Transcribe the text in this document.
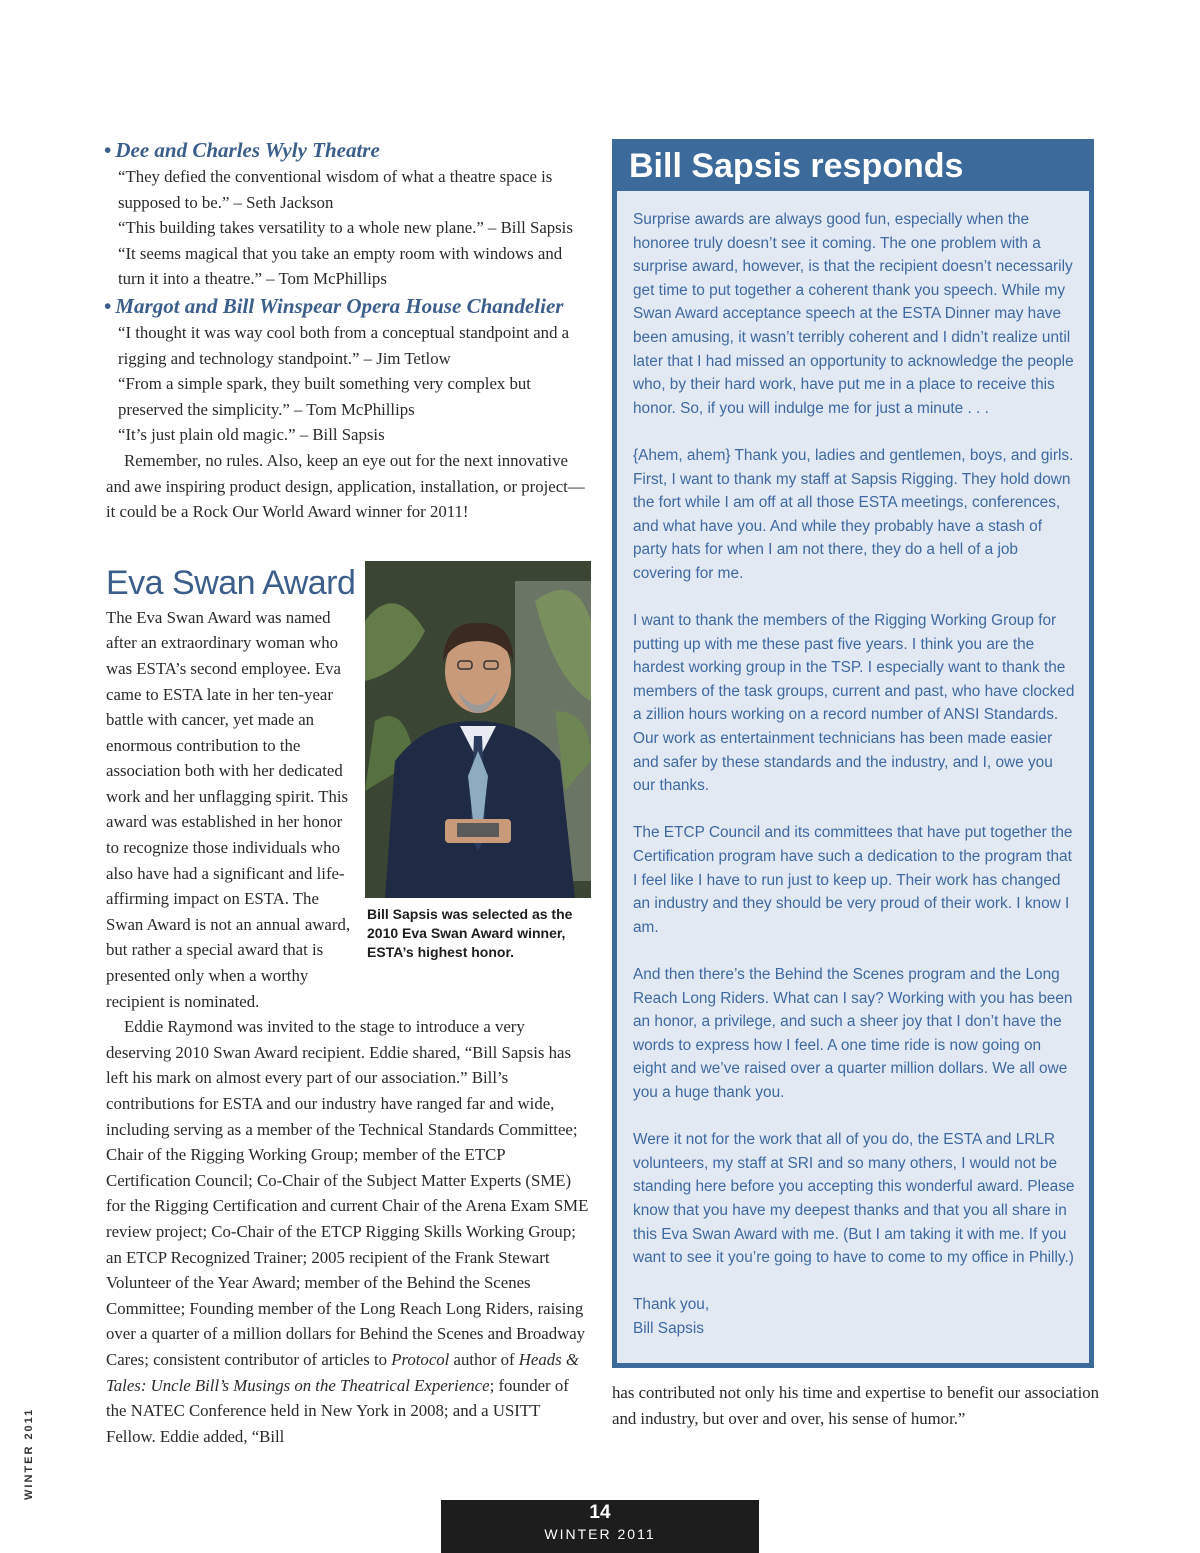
• Dee and Charles Wyly Theatre
“They defied the conventional wisdom of what a theatre space is supposed to be.” – Seth Jackson
“This building takes versatility to a whole new plane.” – Bill Sapsis
“It seems magical that you take an empty room with windows and turn it into a theatre.” – Tom McPhillips
• Margot and Bill Winspear Opera House Chandelier
“I thought it was way cool both from a conceptual standpoint and a rigging and technology standpoint.” – Jim Tetlow
“From a simple spark, they built something very complex but preserved the simplicity.” – Tom McPhillips
“It’s just plain old magic.” – Bill Sapsis
Remember, no rules. Also, keep an eye out for the next innovative and awe inspiring product design, application, installation, or project—it could be a Rock Our World Award winner for 2011!
Eva Swan Award
Bill Sapsis was selected as the 2010 Eva Swan Award winner, ESTA’s highest honor.
The Eva Swan Award was named after an extraordinary woman who was ESTA’s second employee. Eva came to ESTA late in her ten-year battle with cancer, yet made an enormous contribution to the association both with her dedicated work and her unflagging spirit. This award was established in her honor to recognize those individuals who also have had a significant and life-affirming impact on ESTA. The Swan Award is not an annual award, but rather a special award that is presented only when a worthy recipient is nominated.
Eddie Raymond was invited to the stage to introduce a very deserving 2010 Swan Award recipient. Eddie shared, “Bill Sapsis has left his mark on almost every part of our association.” Bill’s contributions for ESTA and our industry have ranged far and wide, including serving as a member of the Technical Standards Committee; Chair of the Rigging Working Group; member of the ETCP Certification Council; Co-Chair of the Subject Matter Experts (SME) for the Rigging Certification and current Chair of the Arena Exam SME review project; Co-Chair of the ETCP Rigging Skills Working Group; an ETCP Recognized Trainer; 2005 recipient of the Frank Stewart Volunteer of the Year Award; member of the Behind the Scenes Committee; Founding member of the Long Reach Long Riders, raising over a quarter of a million dollars for Behind the Scenes and Broadway Cares; consistent contributor of articles to Protocol author of Heads & Tales: Uncle Bill’s Musings on the Theatrical Experience; founder of the NATEC Conference held in New York in 2008; and a USITT Fellow. Eddie added, “Bill
Bill Sapsis responds

Surprise awards are always good fun, especially when the honoree truly doesn’t see it coming. The one problem with a surprise award, however, is that the recipient doesn’t necessarily get time to put together a coherent thank you speech. While my Swan Award acceptance speech at the ESTA Dinner may have been amusing, it wasn’t terribly coherent and I didn’t realize until later that I had missed an opportunity to acknowledge the people who, by their hard work, have put me in a place to receive this honor. So, if you will indulge me for just a minute . . .

{Ahem, ahem} Thank you, ladies and gentlemen, boys, and girls. First, I want to thank my staff at Sapsis Rigging. They hold down the fort while I am off at all those ESTA meetings, conferences, and what have you. And while they probably have a stash of party hats for when I am not there, they do a hell of a job covering for me.

I want to thank the members of the Rigging Working Group for putting up with me these past five years. I think you are the hardest working group in the TSP. I especially want to thank the members of the task groups, current and past, who have clocked a zillion hours working on a record number of ANSI Standards. Our work as entertainment technicians has been made easier and safer by these standards and the industry, and I, owe you our thanks.

The ETCP Council and its committees that have put together the Certification program have such a dedication to the program that I feel like I have to run just to keep up. Their work has changed an industry and they should be very proud of their work. I know I am.

And then there’s the Behind the Scenes program and the Long Reach Long Riders. What can I say? Working with you has been an honor, a privilege, and such a sheer joy that I don’t have the words to express how I feel. A one time ride is now going on eight and we’ve raised over a quarter million dollars. We all owe you a huge thank you.

Were it not for the work that all of you do, the ESTA and LRLR volunteers, my staff at SRI and so many others, I would not be standing here before you accepting this wonderful award. Please know that you have my deepest thanks and that you all share in this Eva Swan Award with me. (But I am taking it with me. If you want to see it you’re going to have to come to my office in Philly.)

Thank you,
Bill Sapsis
has contributed not only his time and expertise to benefit our association and industry, but over and over, his sense of humor.”
WINTER 2011
14
WINTER 2011
